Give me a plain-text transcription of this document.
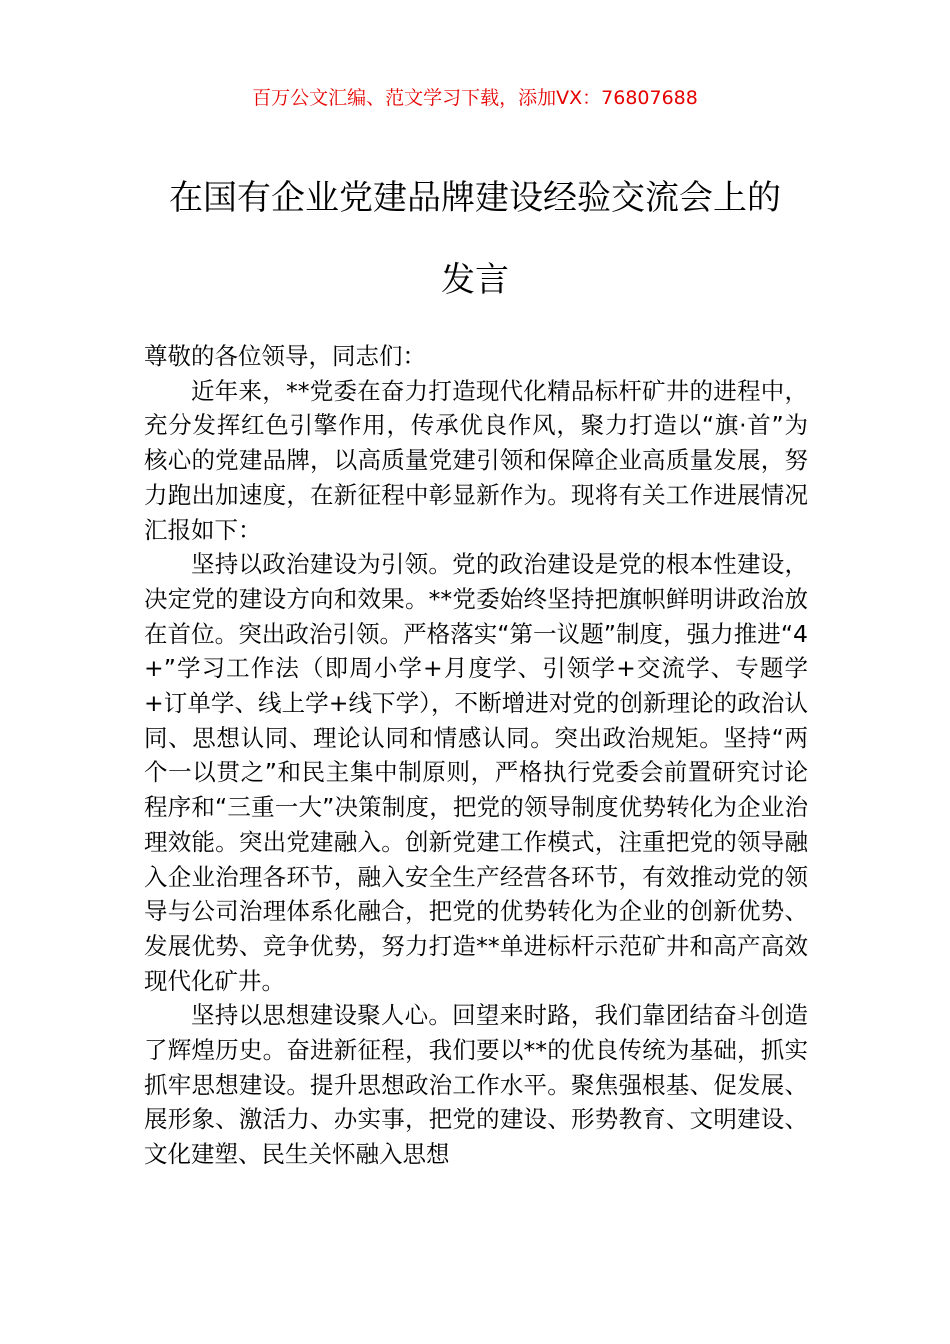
百万公文汇编、范文学习下载，添加VX：76807688
在国有企业党建品牌建设经验交流会上的
发言

尊敬的各位领导，同志们：

近年来，**党委在奋力打造现代化精品标杆矿井的进程中，充分发挥红色引擎作用，传承优良作风，聚力打造以“旗·首”为核心的党建品牌，以高质量党建引领和保障企业高质量发展，努力跑出加速度，在新征程中彰显新作为。现将有关工作进展情况汇报如下：

坚持以政治建设为引领。党的政治建设是党的根本性建设，决定党的建设方向和效果。**党委始终坚持把旗帜鲜明讲政治放在首位。突出政治引领。严格落实“第一议题”制度，强力推进“4+”学习工作法（即周小学+月度学、引领学+交流学、专题学+订单学、线上学+线下学），不断增进对党的创新理论的政治认同、思想认同、理论认同和情感认同。突出政治规矩。坚持“两个一以贯之”和民主集中制原则，严格执行党委会前置研究讨论程序和“三重一大”决策制度，把党的领导制度优势转化为企业治理效能。突出党建融入。创新党建工作模式，注重把党的领导融入企业治理各环节，融入安全生产经营各环节，有效推动党的领导与公司治理体系化融合，把党的优势转化为企业的创新优势、发展优势、竞争优势，努力打造**单进标杆示范矿井和高产高效现代化矿井。

坚持以思想建设聚人心。回望来时路，我们靠团结奋斗创造了辉煌历史。奋进新征程，我们要以**的优良传统为基础，抓实抓牢思想建设。提升思想政治工作水平。聚焦强根基、促发展、展形象、激活力、办实事，把党的建设、形势教育、文明建设、文化建塑、民生关怀融入思想
